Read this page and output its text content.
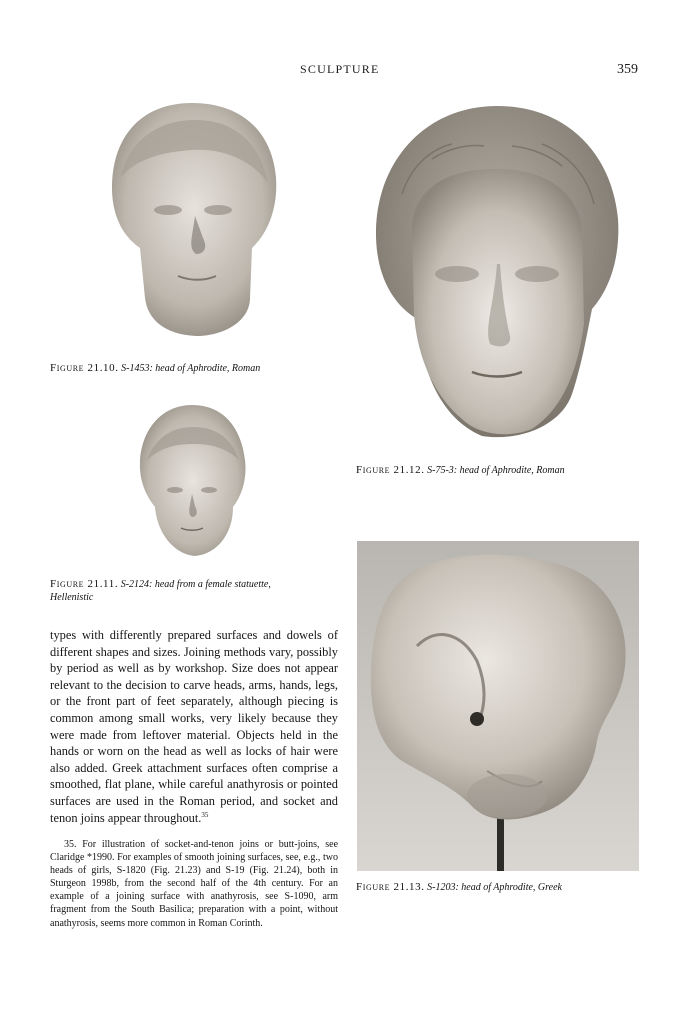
SCULPTURE	359
Figure 21.10. S-1453: head of Aphrodite, Roman
Figure 21.12. S-75-3: head of Aphrodite, Roman
Figure 21.11. S-2124: head from a female statuette,
Hellenistic
Figure 21.13. S-1203: head of Aphrodite, Greek
types with differently prepared surfaces and dowels of different shapes and sizes. Joining methods vary, possibly by period as well as by workshop. Size does not appear relevant to the decision to carve heads, arms, hands, legs, or the front part of feet separately, although piecing is common among small works, very likely because they were made from leftover material. Objects held in the hands or worn on the head as well as locks of hair were also added. Greek attachment surfaces often comprise a smoothed, flat plane, while careful anathyrosis or pointed surfaces are used in the Roman period, and socket and tenon joins appear throughout.$^{35}$
35. For illustration of socket-and-tenon joins or butt-joins, see Claridge *1990. For examples of smooth joining surfaces, see, e.g., two heads of girls, S-1820 (Fig. 21.23) and S-19 (Fig. 21.24), both in Sturgeon 1998b, from the second half of the 4th century. For an example of a joining surface with anathyrosis, see S-1090, arm fragment from the South Basilica; preparation with a point, without anathyrosis, seems more common in Roman Corinth.
